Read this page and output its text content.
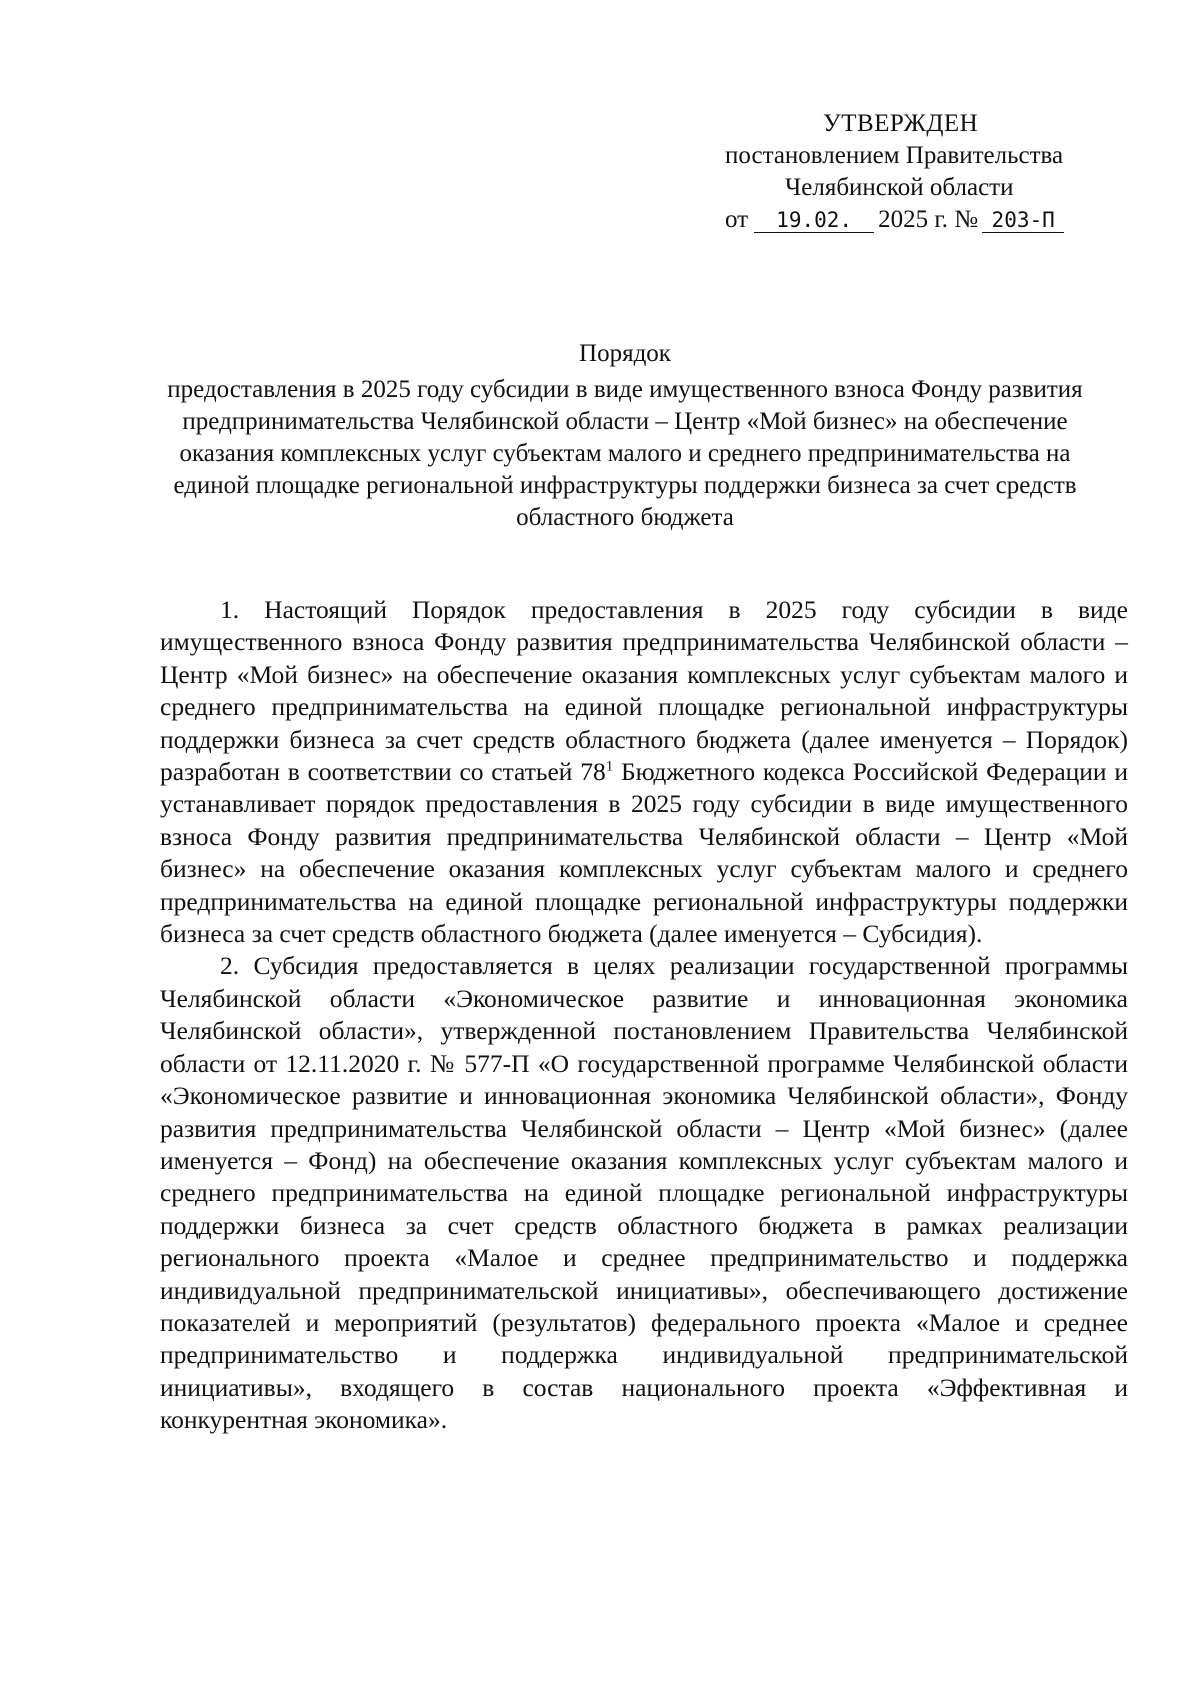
УТВЕРЖДЕН
постановлением Правительства
Челябинской области
от 19.02. 2025 г. № 203-П
Порядок
предоставления в 2025 году субсидии в виде имущественного взноса Фонду развития предпринимательства Челябинской области – Центр «Мой бизнес» на обеспечение оказания комплексных услуг субъектам малого и среднего предпринимательства на единой площадке региональной инфраструктуры поддержки бизнеса за счет средств областного бюджета

1. Настоящий Порядок предоставления в 2025 году субсидии в виде имущественного взноса Фонду развития предпринимательства Челябинской области – Центр «Мой бизнес» на обеспечение оказания комплексных услуг субъектам малого и среднего предпринимательства на единой площадке региональной инфраструктуры поддержки бизнеса за счет средств областного бюджета (далее именуется – Порядок) разработан в соответствии со статьей $78^1$ Бюджетного кодекса Российской Федерации и устанавливает порядок предоставления в 2025 году субсидии в виде имущественного взноса Фонду развития предпринимательства Челябинской области – Центр «Мой бизнес» на обеспечение оказания комплексных услуг субъектам малого и среднего предпринимательства на единой площадке региональной инфраструктуры поддержки бизнеса за счет средств областного бюджета (далее именуется – Субсидия).

2. Субсидия предоставляется в целях реализации государственной программы Челябинской области «Экономическое развитие и инновационная экономика Челябинской области», утвержденной постановлением Правительства Челябинской области от 12.11.2020 г. № 577-П «О государственной программе Челябинской области «Экономическое развитие и инновационная экономика Челябинской области», Фонду развития предпринимательства Челябинской области – Центр «Мой бизнес» (далее именуется – Фонд) на обеспечение оказания комплексных услуг субъектам малого и среднего предпринимательства на единой площадке региональной инфраструктуры поддержки бизнеса за счет средств областного бюджета в рамках реализации регионального проекта «Малое и среднее предпринимательство и поддержка индивидуальной предпринимательской инициативы», обеспечивающего достижение показателей и мероприятий (результатов) федерального проекта «Малое и среднее предпринимательство и поддержка индивидуальной предпринимательской инициативы», входящего в состав национального проекта «Эффективная и конкурентная экономика».
